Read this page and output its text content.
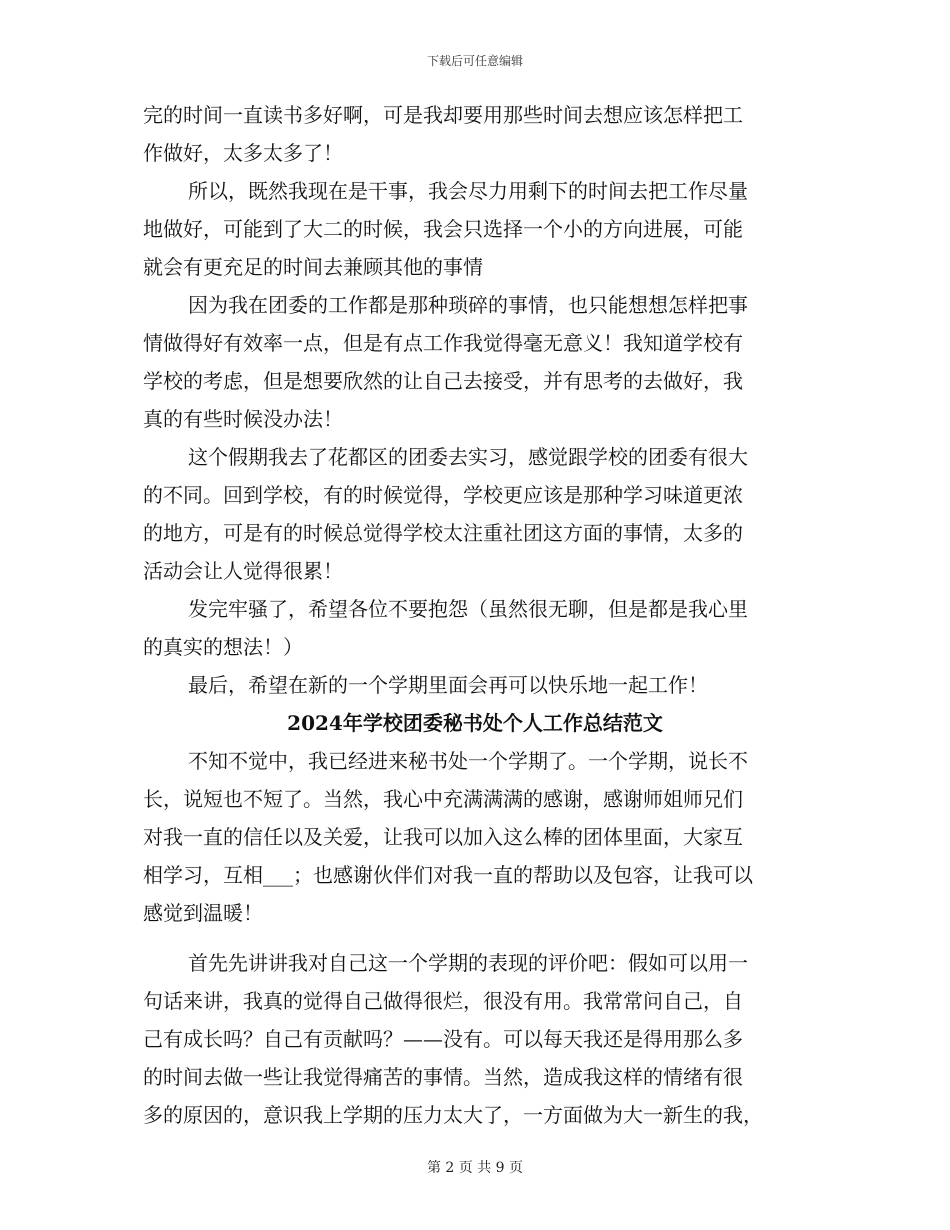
下载后可任意编辑
完的时间一直读书多好啊，可是我却要用那些时间去想应该怎样把工
作做好，太多太多了！
所以，既然我现在是干事，我会尽力用剩下的时间去把工作尽量
地做好，可能到了大二的时候，我会只选择一个小的方向进展，可能
就会有更充足的时间去兼顾其他的事情
因为我在团委的工作都是那种琐碎的事情，也只能想想怎样把事
情做得好有效率一点，但是有点工作我觉得毫无意义！我知道学校有
学校的考虑，但是想要欣然的让自己去接受，并有思考的去做好，我
真的有些时候没办法！
这个假期我去了花都区的团委去实习，感觉跟学校的团委有很大
的不同。回到学校，有的时候觉得，学校更应该是那种学习味道更浓
的地方，可是有的时候总觉得学校太注重社团这方面的事情，太多的
活动会让人觉得很累！
发完牢骚了，希望各位不要抱怨（虽然很无聊，但是都是我心里
的真实的想法！）
最后，希望在新的一个学期里面会再可以快乐地一起工作！
2024年学校团委秘书处个人工作总结范文
不知不觉中，我已经进来秘书处一个学期了。一个学期，说长不
长，说短也不短了。当然，我心中充满满满的感谢，感谢师姐师兄们
对我一直的信任以及关爱，让我可以加入这么棒的团体里面，大家互
相学习，互相___；也感谢伙伴们对我一直的帮助以及包容，让我可以
感觉到温暖！
首先先讲讲我对自己这一个学期的表现的评价吧：假如可以用一
句话来讲，我真的觉得自己做得很烂，很没有用。我常常问自己，自
己有成长吗？自己有贡献吗？——没有。可以每天我还是得用那么多
的时间去做一些让我觉得痛苦的事情。当然，造成我这样的情绪有很
多的原因的，意识我上学期的压力太大了，一方面做为大一新生的我，
第 2 页 共 9 页
